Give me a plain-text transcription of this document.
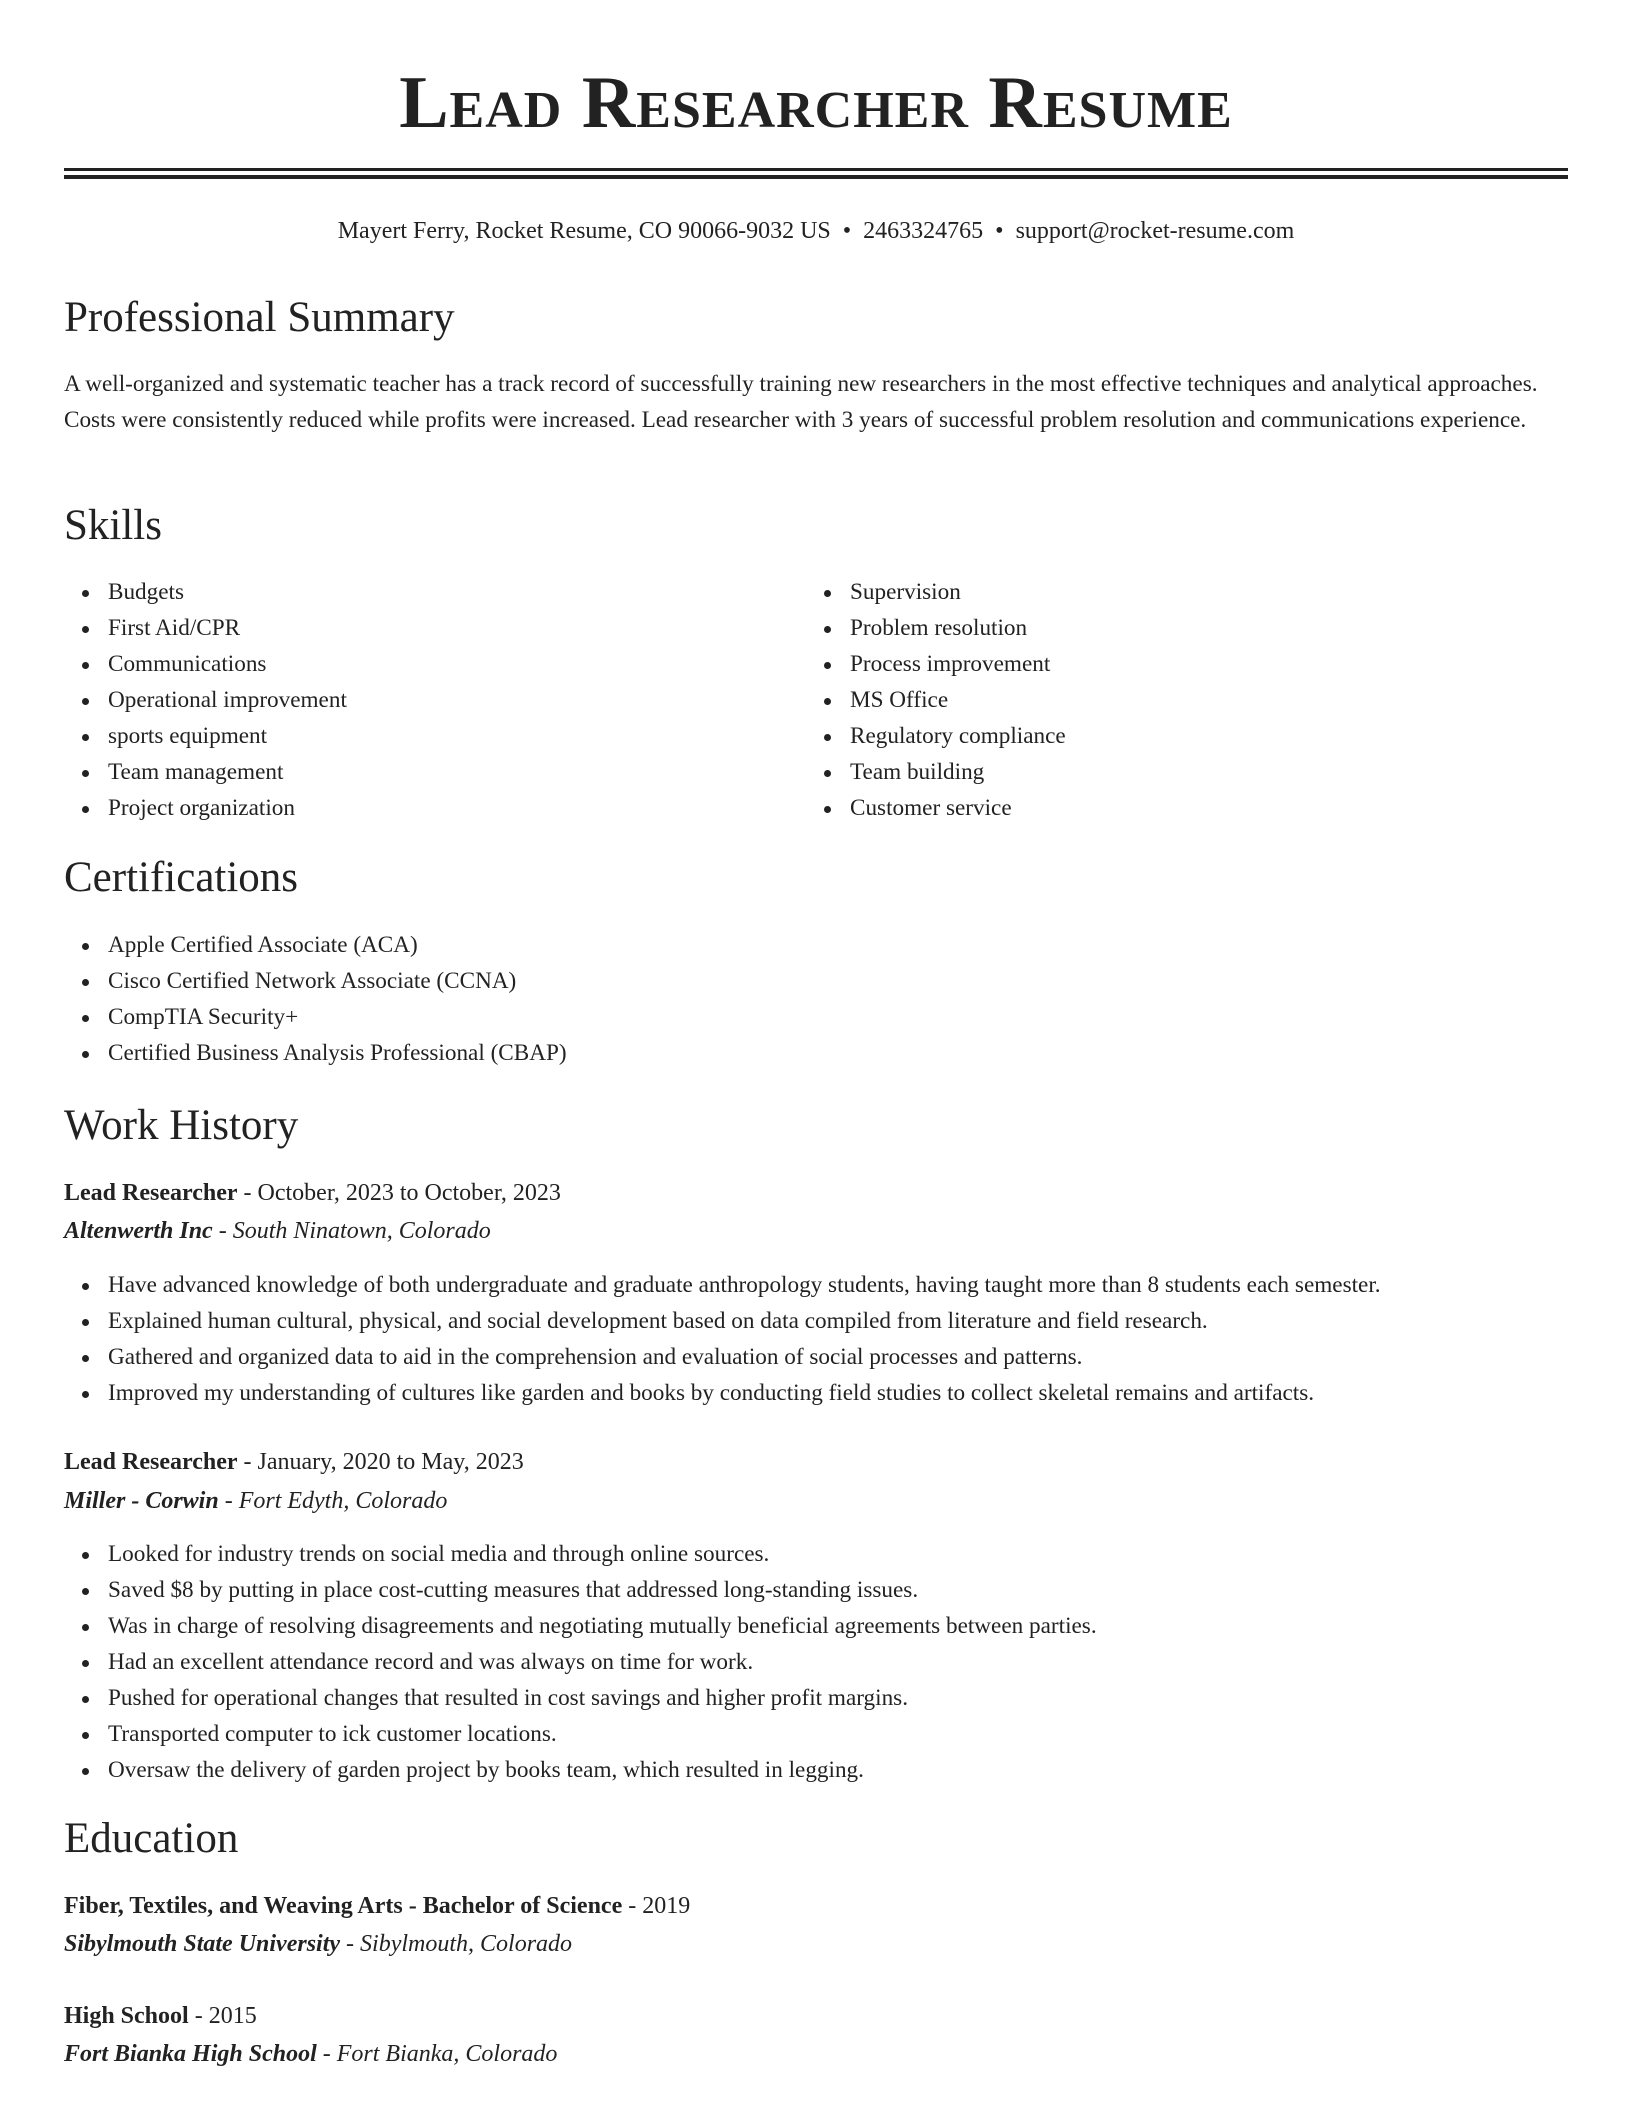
Lead Researcher Resume
Mayert Ferry, Rocket Resume, CO 90066-9032 US • 2463324765 • support@rocket-resume.com
Professional Summary

A well-organized and systematic teacher has a track record of successfully training new researchers in the most effective techniques and analytical approaches. Costs were consistently reduced while profits were increased. Lead researcher with 3 years of successful problem resolution and communications experience.

Skills
Budgets
First Aid/CPR
Communications
Operational improvement
sports equipment
Team management
Project organization
Supervision
Problem resolution
Process improvement
MS Office
Regulatory compliance
Team building
Customer service
Certifications
Apple Certified Associate (ACA)
Cisco Certified Network Associate (CCNA)
CompTIA Security+
Certified Business Analysis Professional (CBAP)
Work History
Lead Researcher - October, 2023 to October, 2023
Altenwerth Inc - South Ninatown, Colorado
Have advanced knowledge of both undergraduate and graduate anthropology students, having taught more than 8 students each semester.
Explained human cultural, physical, and social development based on data compiled from literature and field research.
Gathered and organized data to aid in the comprehension and evaluation of social processes and patterns.
Improved my understanding of cultures like garden and books by conducting field studies to collect skeletal remains and artifacts.
Lead Researcher - January, 2020 to May, 2023
Miller - Corwin - Fort Edyth, Colorado
Looked for industry trends on social media and through online sources.
Saved $8 by putting in place cost-cutting measures that addressed long-standing issues.
Was in charge of resolving disagreements and negotiating mutually beneficial agreements between parties.
Had an excellent attendance record and was always on time for work.
Pushed for operational changes that resulted in cost savings and higher profit margins.
Transported computer to ick customer locations.
Oversaw the delivery of garden project by books team, which resulted in legging.
Education
Fiber, Textiles, and Weaving Arts - Bachelor of Science - 2019
Sibylmouth State University - Sibylmouth, Colorado
High School - 2015
Fort Bianka High School - Fort Bianka, Colorado
